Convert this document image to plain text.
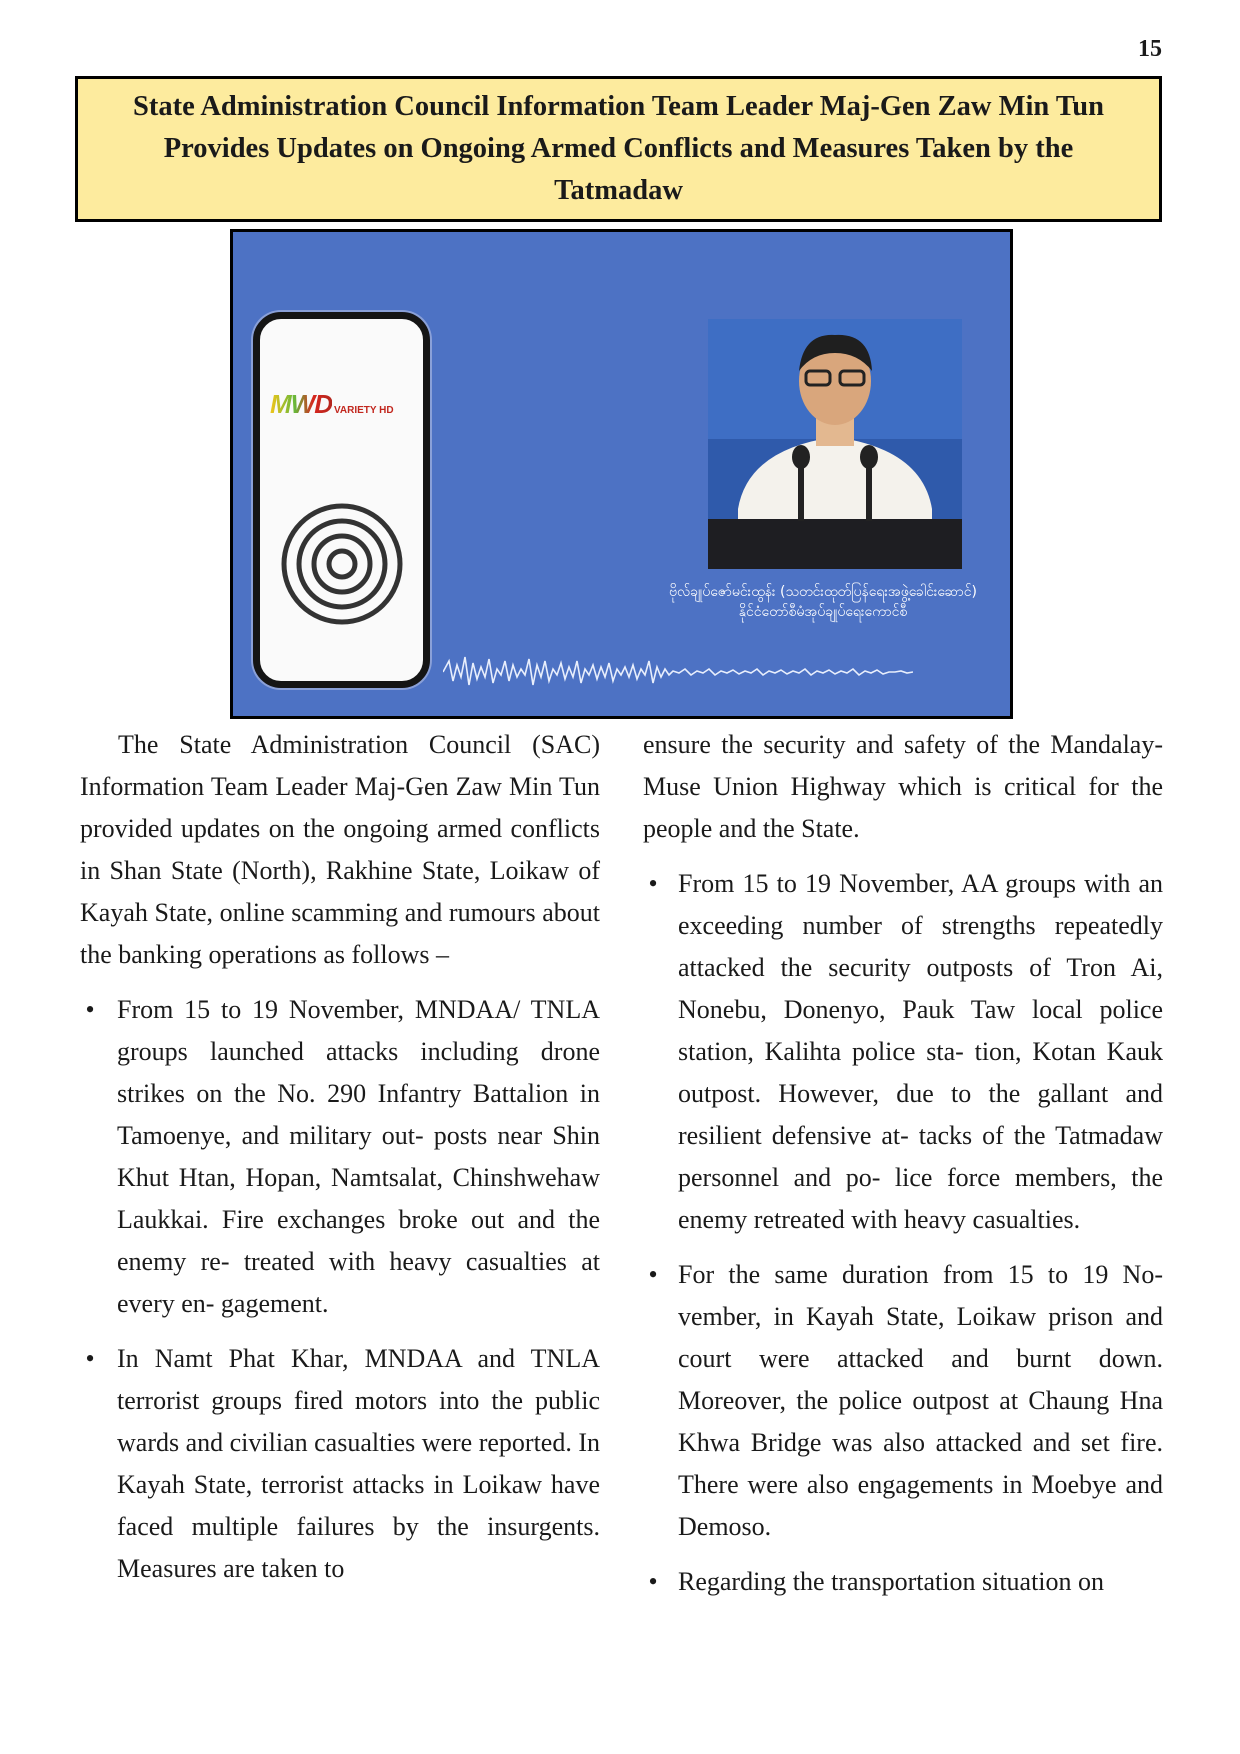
15
State Administration Council Information Team Leader Maj-Gen Zaw Min Tun
Provides Updates on Ongoing Armed Conflicts and Measures Taken by the
Tatmadaw
MWD VARIETY HD
ဗိုလ်ချုပ်ဇော်မင်းထွန်း (သတင်းထုတ်ပြန်ရေးအဖွဲ့ခေါင်းဆောင်)
နိုင်ငံတော်စီမံအုပ်ချုပ်ရေးကောင်စီ

The State Administration Council (SAC) Information Team Leader Maj-Gen Zaw Min Tun provided updates on the ongoing armed conflicts in Shan State (North), Rakhine State, Loikaw of Kayah State, online scamming and rumours about the banking operations as follows –

• From 15 to 19 November, MNDAA/ TNLA groups launched attacks including drone strikes on the No. 290 Infantry Battalion in Tamoenye, and military out- posts near Shin Khut Htan, Hopan, Namtsalat, Chinshwehaw Laukkai. Fire exchanges broke out and the enemy re- treated with heavy casualties at every en- gagement.
• In Namt Phat Khar, MNDAA and TNLA terrorist groups fired motors into the public wards and civilian casualties were reported. In Kayah State, terrorist attacks in Loikaw have faced multiple failures by the insurgents. Measures are taken to

ensure the security and safety of the Mandalay-Muse Union Highway which is critical for the people and the State.

• From 15 to 19 November, AA groups with an exceeding number of strengths repeatedly attacked the security outposts of Tron Ai, Nonebu, Donenyo, Pauk Taw local police station, Kalihta police sta- tion, Kotan Kauk outpost. However, due to the gallant and resilient defensive at- tacks of the Tatmadaw personnel and po- lice force members, the enemy retreated with heavy casualties.
• For the same duration from 15 to 19 No- vember, in Kayah State, Loikaw prison and court were attacked and burnt down. Moreover, the police outpost at Chaung Hna Khwa Bridge was also attacked and set fire. There were also engagements in Moebye and Demoso.
• Regarding the transportation situation on
